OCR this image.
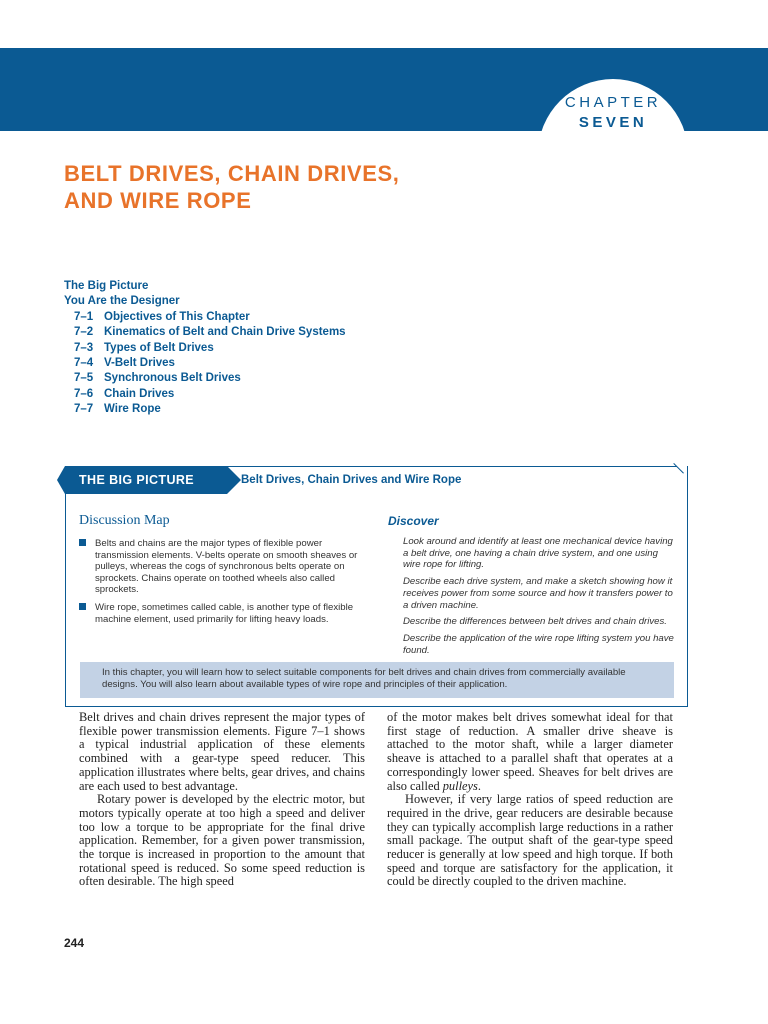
CHAPTER
SEVEN
BELT DRIVES, CHAIN DRIVES,
AND WIRE ROPE
The Big Picture
You Are the Designer
7–1 Objectives of This Chapter
7–2 Kinematics of Belt and Chain Drive Systems
7–3 Types of Belt Drives
7–4 V-Belt Drives
7–5 Synchronous Belt Drives
7–6 Chain Drives
7–7 Wire Rope
THE BIG PICTURE	Belt Drives, Chain Drives and Wire Rope
Discussion Map
Belts and chains are the major types of flexible power transmission elements. V-belts operate on smooth sheaves or pulleys, whereas the cogs of synchronous belts operate on sprockets. Chains operate on toothed wheels also called sprockets.
Wire rope, sometimes called cable, is another type of flexible machine element, used primarily for lifting heavy loads.
Discover

Look around and identify at least one mechanical device having a belt drive, one having a chain drive system, and one using wire rope for lifting.

Describe each drive system, and make a sketch showing how it receives power from some source and how it transfers power to a driven machine.

Describe the differences between belt drives and chain drives.

Describe the application of the wire rope lifting system you have found.

In this chapter, you will learn how to select suitable components for belt drives and chain drives from commercially available designs. You will also learn about available types of wire rope and principles of their application.

Belt drives and chain drives represent the major types of flexible power transmission elements. Figure 7–1 shows a typical industrial application of these elements combined with a gear-type speed reducer. This application illustrates where belts, gear drives, and chains are each used to best advantage.

Rotary power is developed by the electric motor, but motors typically operate at too high a speed and deliver too low a torque to be appropriate for the final drive application. Remember, for a given power transmission, the torque is increased in proportion to the amount that rotational speed is reduced. So some speed reduction is often desirable. The high speed

of the motor makes belt drives somewhat ideal for that first stage of reduction. A smaller drive sheave is attached to the motor shaft, while a larger diameter sheave is attached to a parallel shaft that operates at a correspondingly lower speed. Sheaves for belt drives are also called pulleys.

However, if very large ratios of speed reduction are required in the drive, gear reducers are desirable because they can typically accomplish large reductions in a rather small package. The output shaft of the gear-type speed reducer is generally at low speed and high torque. If both speed and torque are satisfactory for the application, it could be directly coupled to the driven machine.

244
